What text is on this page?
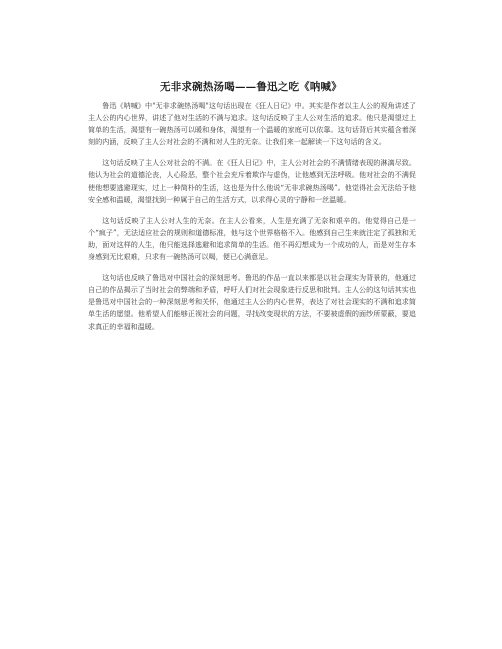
无非求碗热汤喝——鲁迅之吃《呐喊》

鲁迅《呐喊》中"无非求碗热汤喝"这句话出现在《狂人日记》中。其实是作者以主人公的视角讲述了主人公的内心世界，讲述了他对生活的不满与追求。这句话反映了主人公对生活的追求。他只是渴望过上简单的生活，渴望有一碗热汤可以暖和身体，渴望有一个温暖的家庭可以依靠。这句话背后其实蕴含着深刻的内涵，反映了主人公对社会的不满和对人生的无奈。让我们来一起解读一下这句话的含义。

这句话反映了主人公对社会的不满。在《狂人日记》中，主人公对社会的不满情绪表现的淋漓尽致。他认为社会的道德沦丧，人心险恶，整个社会充斥着欺诈与虚伪，让他感到无法呼吸。他对社会的不满促使他想要逃避现实，过上一种简朴的生活，这也是为什么他说“无非求碗热汤喝”。他觉得社会无法给予他安全感和温暖，渴望找到一种属于自己的生活方式，以求得心灵的宁静和一丝温暖。

这句话反映了主人公对人生的无奈。在主人公看来，人生是充满了无奈和艰辛的。他觉得自己是一个“疯子”，无法适应社会的规则和道德标准，他与这个世界格格不入。他感到自己生来就注定了孤独和无助，面对这样的人生，他只能选择逃避和追求简单的生活。他不再幻想成为一个成功的人，而是对生存本身感到无比艰难，只求有一碗热汤可以喝，便已心满意足。

这句话也反映了鲁迅对中国社会的深刻思考。鲁迅的作品一直以来都是以社会现实为背景的，他通过自己的作品揭示了当时社会的弊端和矛盾，呼吁人们对社会现象进行反思和批判。主人公的这句话其实也是鲁迅对中国社会的一种深刻思考和关怀，他通过主人公的内心世界，表达了对社会现实的不满和追求简单生活的愿望。他希望人们能够正视社会的问题，寻找改变现状的方法，不要被虚假的面纱所蒙蔽，要追求真正的幸福和温暖。
